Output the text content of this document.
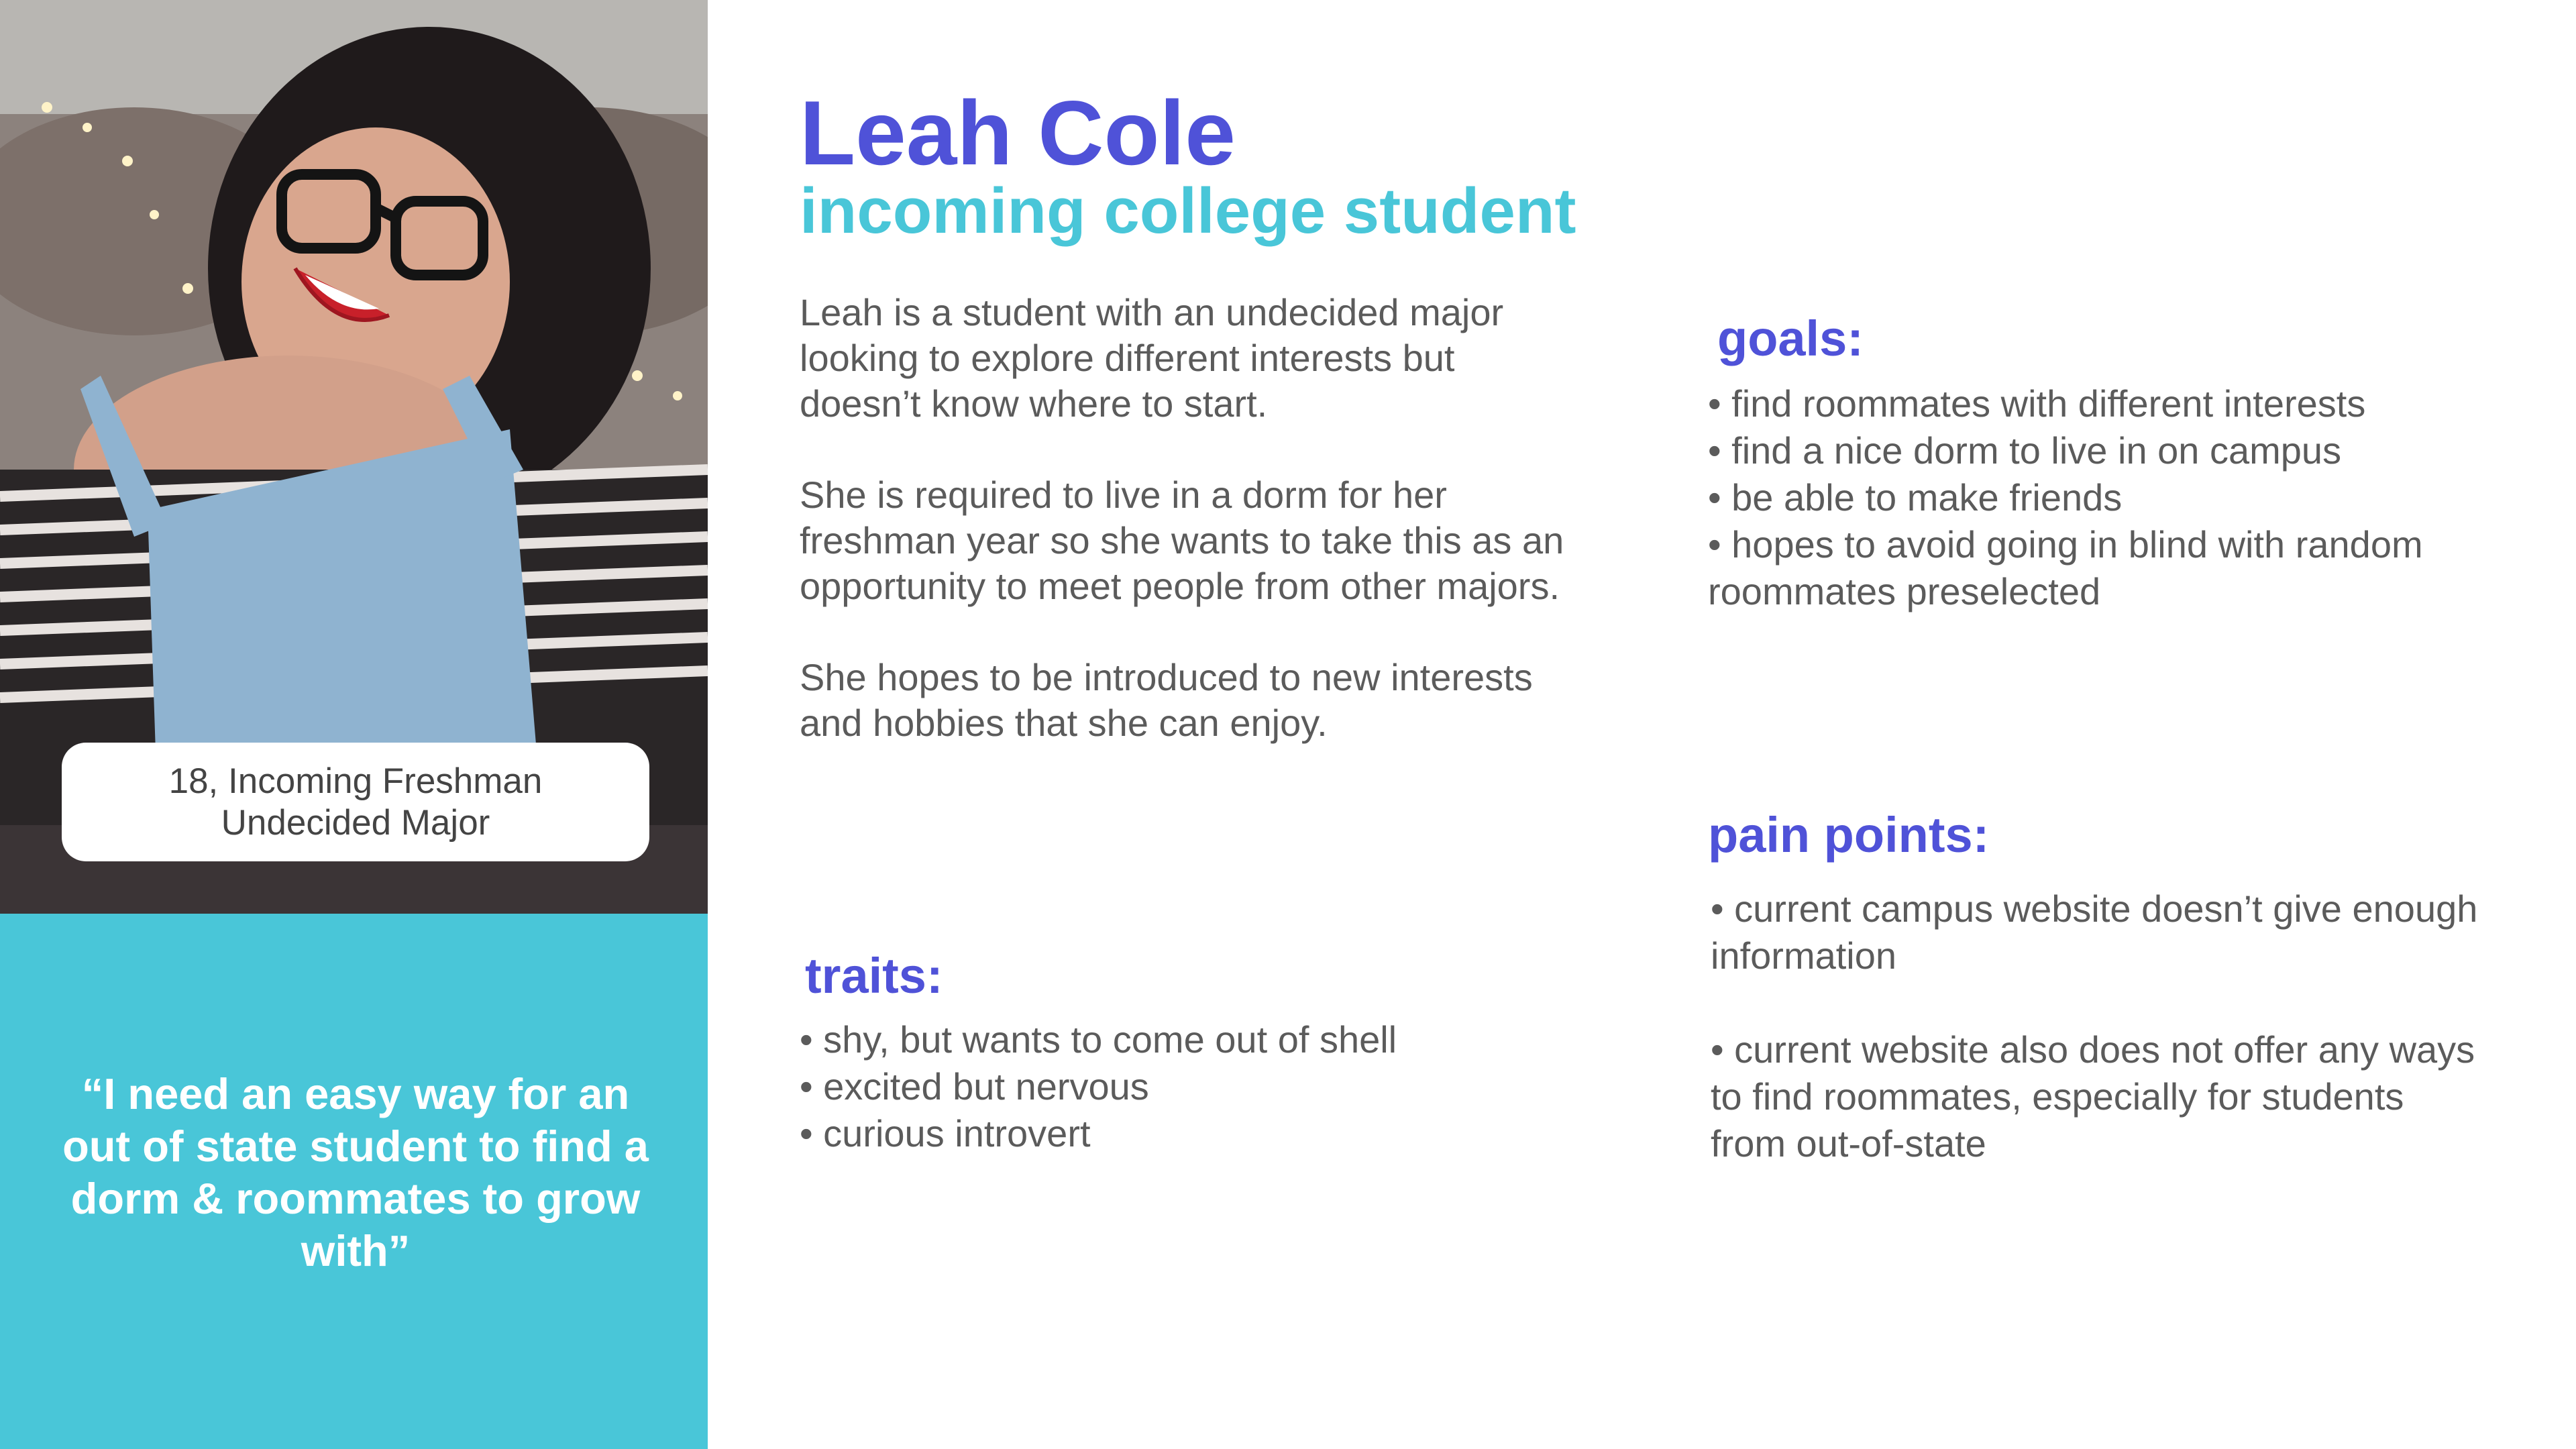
18, Incoming Freshman
Undecided Major
“I need an easy way for an out of state student to find a dorm & roommates to grow with”
Leah Cole
incoming college student

Leah is a student with an undecided major looking to explore different interests but doesn’t know where to start.

She is required to live in a dorm for her freshman year so she wants to take this as an opportunity to meet people from other majors.

She hopes to be introduced to new interests and hobbies that she can enjoy.

traits:
• shy, but wants to come out of shell
• excited but nervous
• curious introvert
goals:
• find roommates with different interests
• find a nice dorm to live in on campus
• be able to make friends
• hopes to avoid going in blind with random roommates preselected
pain points:
• current campus website doesn’t give enough information
• current website also does not offer any ways to find roommates, especially for students from out-of-state
